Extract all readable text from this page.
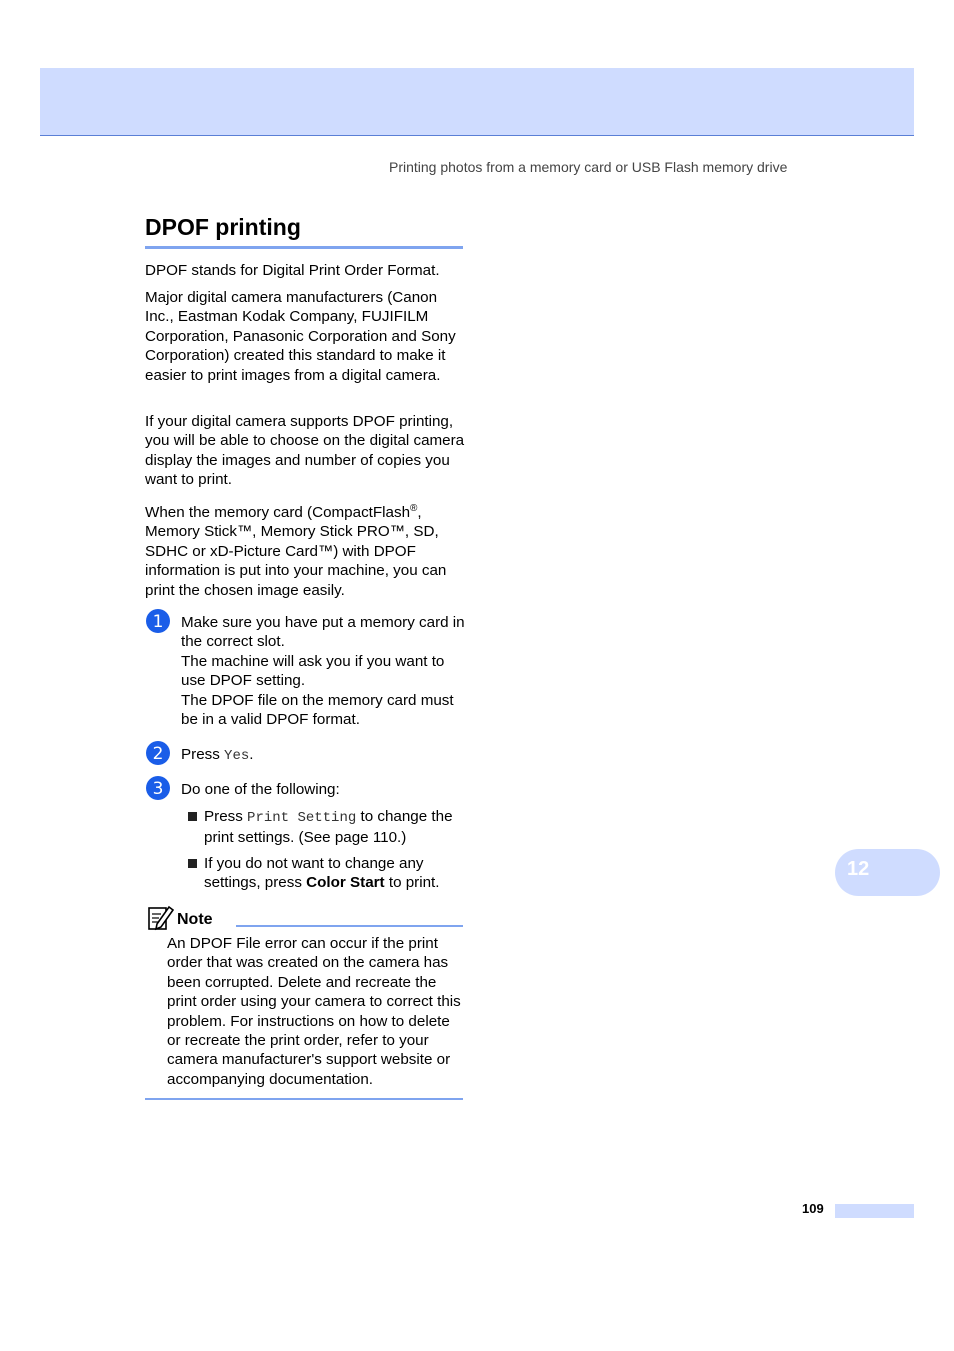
Printing photos from a memory card or USB Flash memory drive
DPOF printing

DPOF stands for Digital Print Order Format.

Major digital camera manufacturers (Canon Inc., Eastman Kodak Company, FUJIFILM Corporation, Panasonic Corporation and Sony Corporation) created this standard to make it easier to print images from a digital camera.

If your digital camera supports DPOF printing, you will be able to choose on the digital camera display the images and number of copies you want to print.

When the memory card (CompactFlash®, Memory Stick™, Memory Stick PRO™, SD, SDHC or xD-Picture Card™) with DPOF information is put into your machine, you can print the chosen image easily.

1 Make sure you have put a memory card in the correct slot.
The machine will ask you if you want to use DPOF setting.
The DPOF file on the memory card must be in a valid DPOF format.
2 Press Yes.
3 Do one of the following:
Press Print Setting to change the print settings. (See page 110.)
If you do not want to change any settings, press Color Start to print.
Note
An DPOF File error can occur if the print order that was created on the camera has been corrupted. Delete and recreate the print order using your camera to correct this problem. For instructions on how to delete or recreate the print order, refer to your camera manufacturer's support website or accompanying documentation.
12
109
